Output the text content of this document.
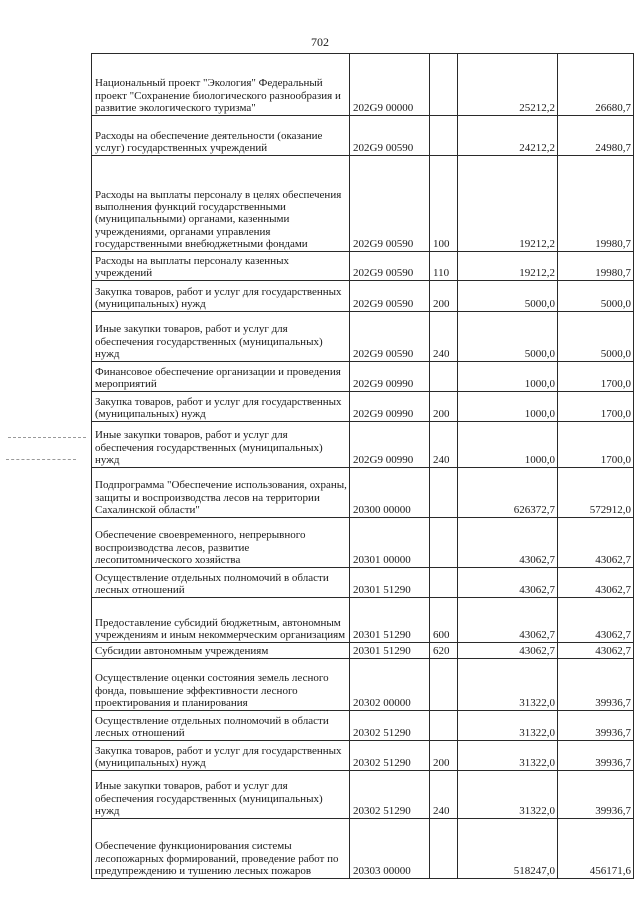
702
Национальный проект "Экология" Федеральный проект "Сохранение биологического разнообразия и развитие экологического туризма"	202G9 00000		25212,2	26680,7
Расходы на обеспечение деятельности (оказание услуг) государственных учреждений	202G9 00590		24212,2	24980,7
Расходы на выплаты персоналу в целях обеспечения выполнения функций государственными (муниципальными) органами, казенными учреждениями, органами управления государственными внебюджетными фондами	202G9 00590	100	19212,2	19980,7
Расходы на выплаты персоналу казенных учреждений	202G9 00590	110	19212,2	19980,7
Закупка товаров, работ и услуг для государственных (муниципальных) нужд	202G9 00590	200	5000,0	5000,0
Иные закупки товаров, работ и услуг для обеспечения государственных (муниципальных) нужд	202G9 00590	240	5000,0	5000,0
Финансовое обеспечение организации и проведения мероприятий	202G9 00990		1000,0	1700,0
Закупка товаров, работ и услуг для государственных (муниципальных) нужд	202G9 00990	200	1000,0	1700,0
Иные закупки товаров, работ и услуг для обеспечения государственных (муниципальных) нужд	202G9 00990	240	1000,0	1700,0
Подпрограмма "Обеспечение использования, охраны, защиты и воспроизводства лесов на территории Сахалинской области"	20300 00000		626372,7	572912,0
Обеспечение своевременного, непрерывного воспроизводства лесов, развитие лесопитомнического хозяйства	20301 00000		43062,7	43062,7
Осуществление отдельных полномочий в области лесных отношений	20301 51290		43062,7	43062,7
Предоставление субсидий бюджетным, автономным учреждениям и иным некоммерческим организациям	20301 51290	600	43062,7	43062,7
Субсидии автономным учреждениям	20301 51290	620	43062,7	43062,7
Осуществление оценки состояния земель лесного фонда, повышение эффективности лесного проектирования и планирования	20302 00000		31322,0	39936,7
Осуществление отдельных полномочий в области лесных отношений	20302 51290		31322,0	39936,7
Закупка товаров, работ и услуг для государственных (муниципальных) нужд	20302 51290	200	31322,0	39936,7
Иные закупки товаров, работ и услуг для обеспечения государственных (муниципальных) нужд	20302 51290	240	31322,0	39936,7
Обеспечение функционирования системы лесопожарных формирований, проведение работ по предупреждению и тушению лесных пожаров	20303 00000		518247,0	456171,6
